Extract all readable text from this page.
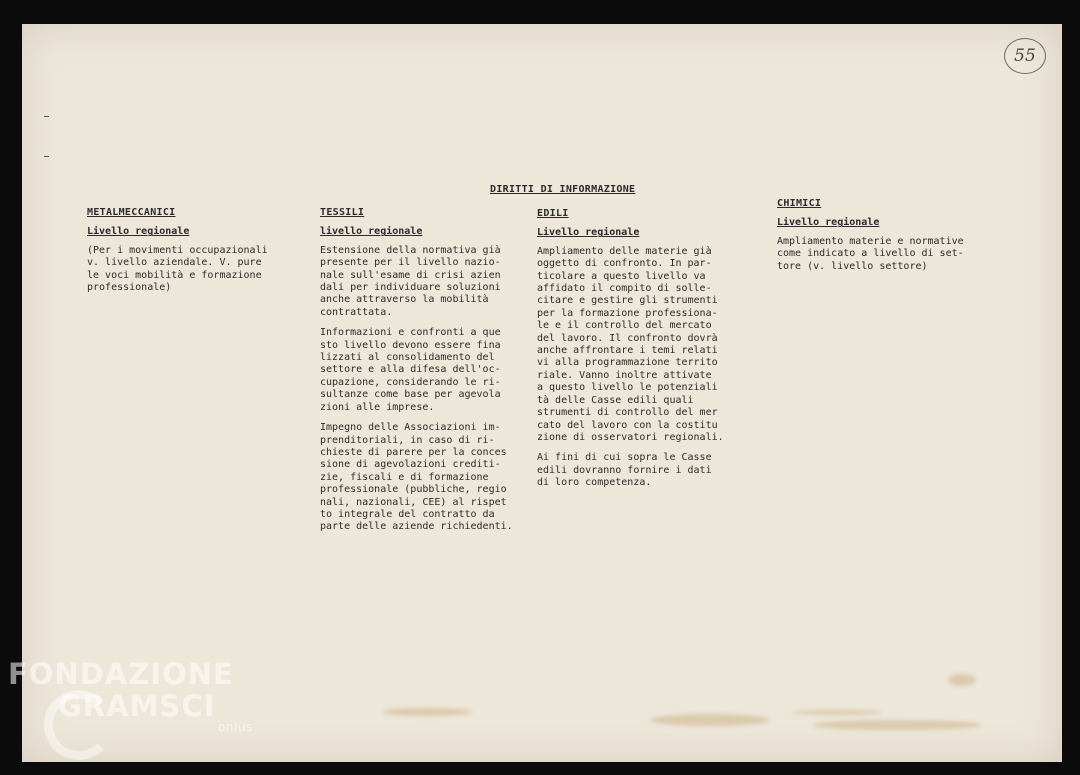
55
DIRITTI DI INFORMAZIONE
METALMECCANICI
Livello regionale
(Per i movimenti occupazionali
v. livello aziendale. V. pure
le voci mobilità e formazione
professionale)
TESSILI
livello regionale
Estensione della normativa già
presente per il livello nazio-
nale sull'esame di crisi azien
dali per individuare soluzioni
anche attraverso la mobilità
contrattata.
Informazioni e confronti a que
sto livello devono essere fina
lizzati al consolidamento del
settore e alla difesa dell'oc-
cupazione, considerando le ri-
sultanze come base per agevola
zioni alle imprese.
Impegno delle Associazioni im-
prenditoriali, in caso di ri-
chieste di parere per la conces
sione di agevolazioni crediti-
zie, fiscali e di formazione
professionale (pubbliche, regio
nali, nazionali, CEE) al rispet
to integrale del contratto da
parte delle aziende richiedenti.
EDILI
Livello regionale
Ampliamento delle materie già
oggetto di confronto. In par-
ticolare a questo livello va
affidato il compito di solle-
citare e gestire gli strumenti
per la formazione professiona-
le e il controllo del mercato
del lavoro. Il confronto dovrà
anche affrontare i temi relati
vi alla programmazione territo
riale. Vanno inoltre attivate
a questo livello le potenziali
tà delle Casse edili quali
strumenti di controllo del mer
cato del lavoro con la costitu
zione di osservatori regionali.
Ai fini di cui sopra le Casse
edili dovranno fornire i dati
di loro competenza.
CHIMICI
Livello regionale
Ampliamento materie e normative
come indicato a livello di set-
tore (v. livello settore)
FONDAZIONE
GRAMSCI
onlus
